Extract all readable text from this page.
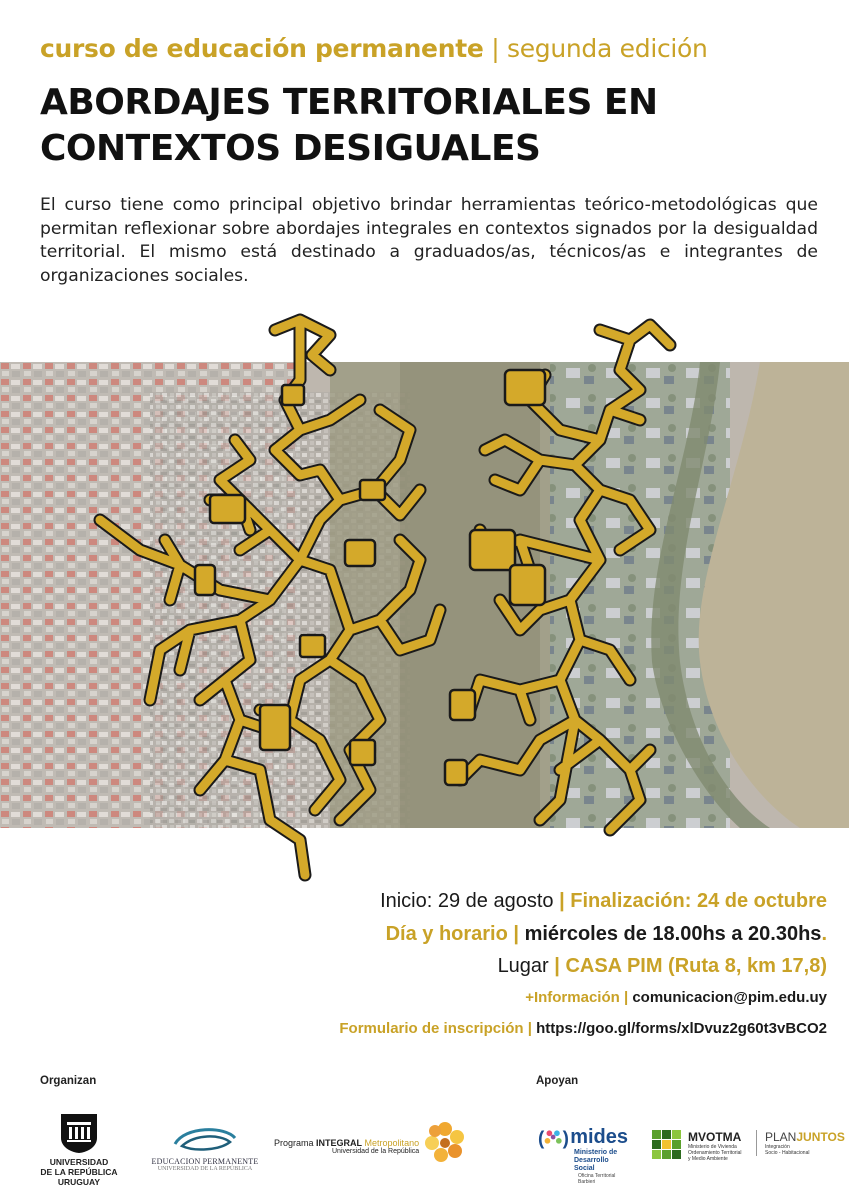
curso de educación permanente | segunda edición
ABORDAJES TERRITORIALES EN
CONTEXTOS DESIGUALES

El curso tiene como principal objetivo brindar herramientas teórico-metodológicas que permitan reflexionar sobre abordajes integrales en contextos signados por la desigualdad territorial. El mismo está destinado a graduados/as, técnicos/as e integrantes de organizaciones sociales.

Inicio: 29 de agosto | Finalización: 24 de octubre
Día y horario | miércoles de 18.00hs a 20.30hs.
Lugar | CASA PIM (Ruta 8, km 17,8)
+Información | comunicacion@pim.edu.uy
Formulario de inscripción | https://goo.gl/forms/xlDvuz2g60t3vBCO2
Organizan	Apoyan
UNIVERSIDAD
DE LA REPÚBLICA
URUGUAY
EDUCACION PERMANENTE
UNIVERSIDAD DE LA REPÚBLICA
Programa INTEGRAL Metropolitano
Universidad de la República
( ) mides
Ministerio de
Desarrollo Social
Oficina Territorial
Barbieri
MVOTMA
Ministerio de Vivienda
Ordenamiento Territorial
y Medio Ambiente
PLANJUNTOS
Integración
Socio - Habitacional
